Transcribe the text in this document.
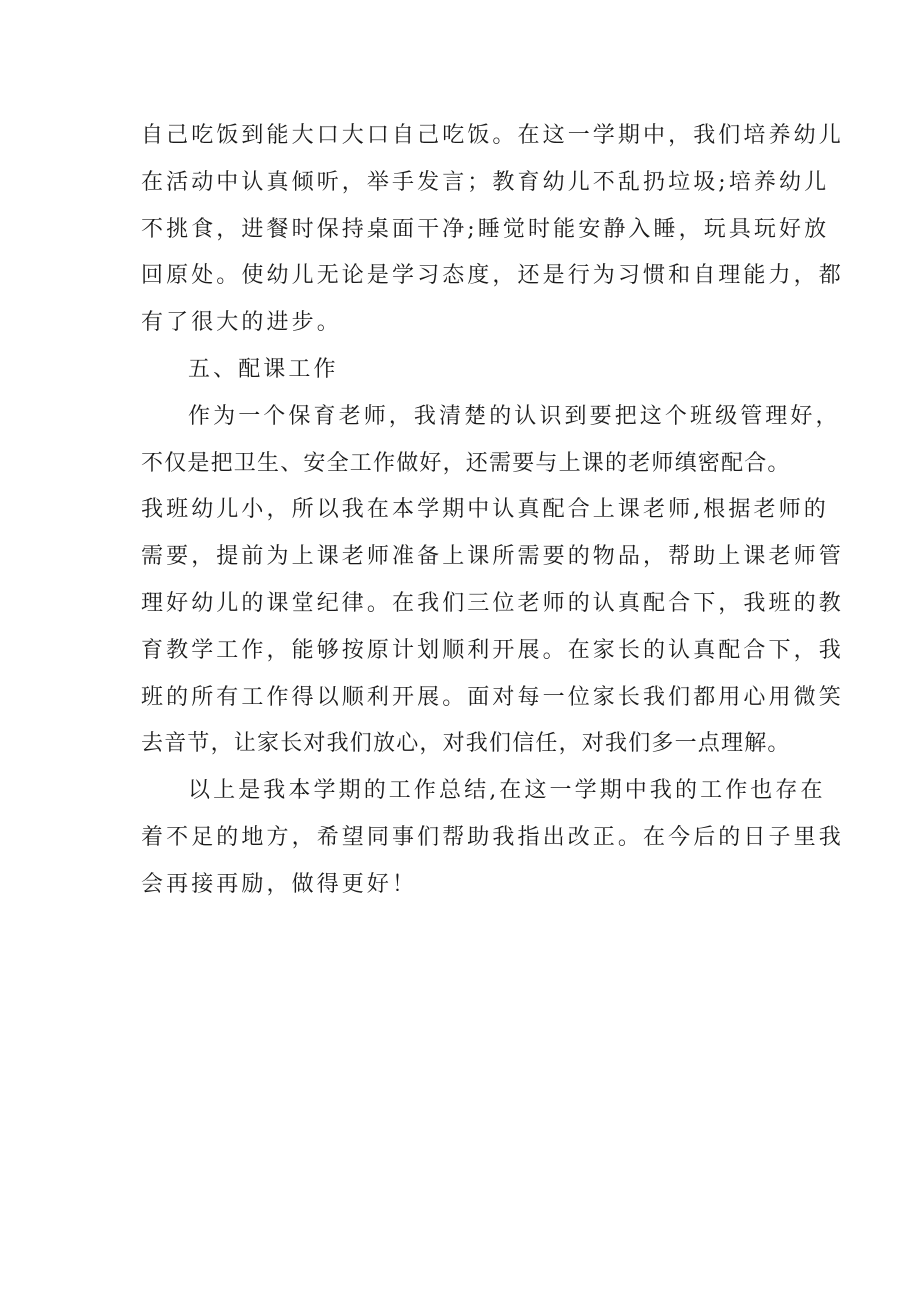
自己吃饭到能大口大口自己吃饭。在这一学期中，我们培养幼儿
在活动中认真倾听，举手发言；教育幼儿不乱扔垃圾;培养幼儿
不挑食，进餐时保持桌面干净;睡觉时能安静入睡，玩具玩好放
回原处。使幼儿无论是学习态度，还是行为习惯和自理能力，都
有了很大的进步。
五、配课工作
作为一个保育老师，我清楚的认识到要把这个班级管理好，
不仅是把卫生、安全工作做好，还需要与上课的老师缜密配合。
我班幼儿小，所以我在本学期中认真配合上课老师,根据老师的
需要，提前为上课老师准备上课所需要的物品，帮助上课老师管
理好幼儿的课堂纪律。在我们三位老师的认真配合下，我班的教
育教学工作，能够按原计划顺利开展。在家长的认真配合下，我
班的所有工作得以顺利开展。面对每一位家长我们都用心用微笑
去音节，让家长对我们放心，对我们信任，对我们多一点理解。
以上是我本学期的工作总结,在这一学期中我的工作也存在
着不足的地方，希望同事们帮助我指出改正。在今后的日子里我
会再接再励，做得更好！
